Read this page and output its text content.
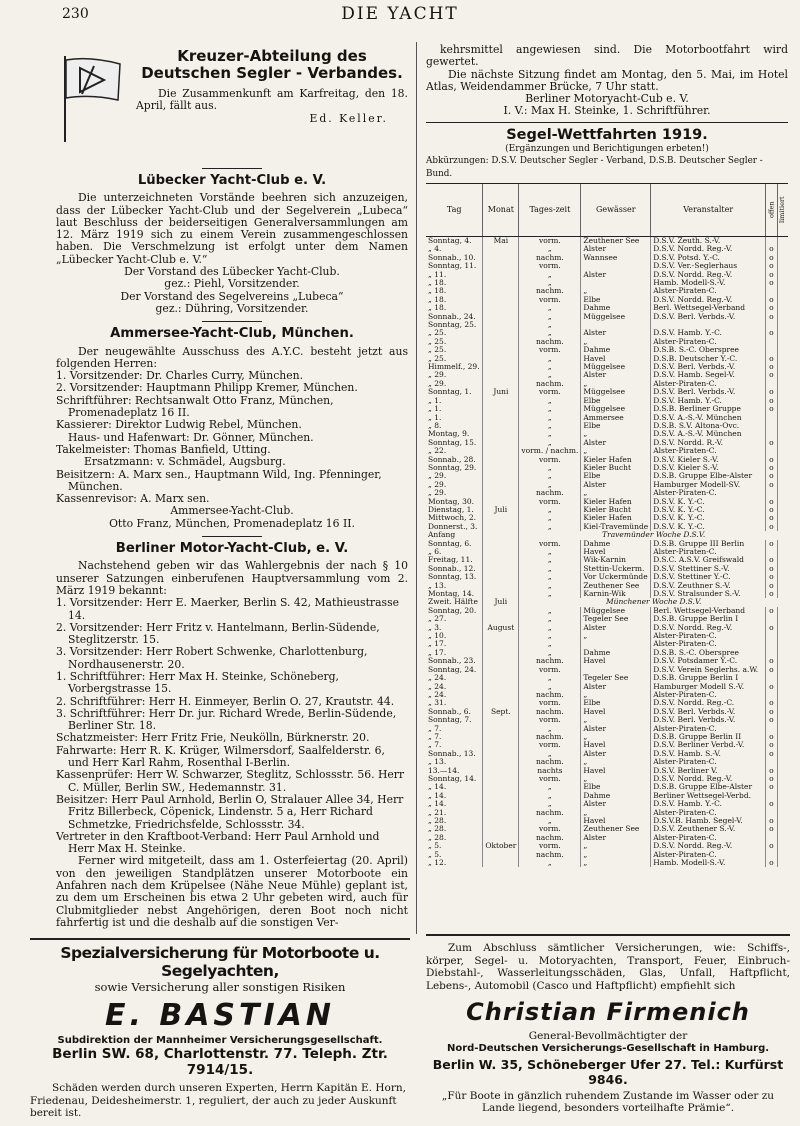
230	DIE YACHT
Kreuzer-Abteilung des
Deutschen Segler - Verbandes.

Die Zusammenkunft am Karfreitag, den 18. April, fällt aus.

Ed. Keller.

Lübecker Yacht-Club e. V.

Die unterzeichneten Vorstände beehren sich anzuzeigen, dass der Lübecker Yacht-Club und der Segelverein „Lubeca“ laut Beschluss der beiderseitigen Generalversammlungen am 12. März 1919 sich zu einem Verein zusammengeschlossen haben. Die Verschmelzung ist erfolgt unter dem Namen „Lübecker Yacht-Club e. V.“

Der Vorstand des Lübecker Yacht-Club.

gez.: Piehl, Vorsitzender.

Der Vorstand des Segelvereins „Lubeca“

gez.: Dühring, Vorsitzender.

Ammersee-Yacht-Club, München.

Der neugewählte Ausschuss des A.Y.C. besteht jetzt aus folgenden Herren:

1. Vorsitzender: Dr. Charles Curry, München.

2. Vorsitzender: Hauptmann Philipp Kremer, München.

Schriftführer: Rechtsanwalt Otto Franz, München, Promenadeplatz 16 II.

Kassierer: Direktor Ludwig Rebel, München.

Haus- und Hafenwart: Dr. Gönner, München.

Takelmeister: Thomas Banfield, Utting.

Ersatzmann: v. Schmädel, Augsburg.

Beisitzern: A. Marx sen., Hauptmann Wild, Ing. Pfenninger, München.

Kassenrevisor: A. Marx sen.

Ammersee-Yacht-Club.

Otto Franz, München, Promenadeplatz 16 II.

Berliner Motor-Yacht-Club, e. V.

Nachstehend geben wir das Wahlergebnis der nach § 10 unserer Satzungen einberufenen Hauptversammlung vom 2. März 1919 bekannt:

1. Vorsitzender: Herr E. Maerker, Berlin S. 42, Mathieustrasse 14.

2. Vorsitzender: Herr Fritz v. Hantelmann, Berlin-Südende, Steglitzerstr. 15.

3. Vorsitzender: Herr Robert Schwenke, Charlottenburg, Nordhausenerstr. 20.

1. Schriftführer: Herr Max H. Steinke, Schöneberg, Vorbergstrasse 15.

2. Schriftführer: Herr H. Einmeyer, Berlin O. 27, Krautstr. 44.

3. Schriftführer: Herr Dr. jur. Richard Wrede, Berlin-Südende, Berliner Str. 18.

Schatzmeister: Herr Fritz Frie, Neukölln, Bürknerstr. 20.

Fahrwarte: Herr R. K. Krüger, Wilmersdorf, Saalfelderstr. 6, und Herr Karl Rahm, Rosenthal I-Berlin.

Kassenprüfer: Herr W. Schwarzer, Steglitz, Schlossstr. 56. Herr C. Müller, Berlin SW., Hedemannstr. 31.

Beisitzer: Herr Paul Arnhold, Berlin O, Stralauer Allee 34, Herr Fritz Billerbeck, Cöpenick, Lindenstr. 5 a, Herr Richard Schmetzke, Friedrichsfelde, Schlossstr. 34.

Vertreter in den Kraftboot-Verband: Herr Paul Arnhold und Herr Max H. Steinke.

Ferner wird mitgeteilt, dass am 1. Osterfeiertag (20. April) von den jeweiligen Standplätzen unserer Motorboote ein Anfahren nach dem Krüpelsee (Nähe Neue Mühle) geplant ist, zu dem um Erscheinen bis etwa 2 Uhr gebeten wird, auch für Clubmitglieder nebst Angehörigen, deren Boot noch nicht fahrfertig ist und die deshalb auf die sonstigen Ver-

kehrsmittel angewiesen sind. Die Motorbootfahrt wird gewertet.

Die nächste Sitzung findet am Montag, den 5. Mai, im Hotel Atlas, Weidendammer Brücke, 7 Uhr statt.

Berliner Motoryacht-Cub e. V.

I. V.: Max H. Steinke, 1. Schriftführer.

Segel-Wettfahrten 1919.
(Ergänzungen und Berichtigungen erbeten!)
Abkürzungen: D.S.V. Deutscher Segler - Verband, D.S.B. Deutscher Segler - Bund.
Tag	Monat	Tages-zeit	Gewässer	Veranstalter	offen	limitiert
Sonntag, 4.	Mai	vorm.	Zeuthener See	D.S.V. Zeuth. S.-V.		
„ 4.		„	Alster	D.S.V. Nordd. Reg.-V.	o	
Sonnab., 10.		nachm.	Wannsee	D.S.V. Potsd. Y.-C.	o	
Sonntag, 11.		vorm.		D.S.V. Ver.-Seglerhaus	o	
„ 11.		„	Alster	D.S.V. Nordd. Reg.-V.	o	
„ 18.		„		Hamb. Modell-S.-V.	o	
„ 18.		nachm.	„	Alster-Piraten-C.		
„ 18.		vorm.	Elbe	D.S.V. Nordd. Reg.-V.	o	
„ 18.		„	Dahme	Berl. Wettsegel-Verband	o	
Sonnab., 24.		„	Müggelsee	D.S.V. Berl. Verbds.-V.	o	
Sonntag, 25.		„				
„ 25.		„	Alster	D.S.V. Hamb. Y.-C.	o	
„ 25.		nachm.	„	Alster-Piraten-C.		
„ 25.		vorm.	Dahme	D.S.B. S.-C. Oberspree		
„ 25.		„	Havel	D.S.B. Deutscher Y.-C.	o	
Himmelf., 29.		„	Müggelsee	D.S.V. Berl. Verbds.-V.	o	
„ 29.		„	Alster	D.S.V. Hamb. Segel-V.	o	
„ 29.		nachm.	„	Alster-Piraten-C.		
Sonntag, 1.	Juni	vorm.	Müggelsee	D.S.V. Berl. Verbds.-V.	o	
„ 1.		„	Elbe	D.S.V. Hamb. Y.-C.	o	
„ 1.		„	Müggelsee	D.S.B. Berliner Gruppe	o	
„ 1.		„	Ammersee	D.S.V. A.-S.-V. München		
„ 8.		„	Elbe	D.S.B. S.V. Altona-Ovc.		
Montag, 9.		„	„	D.S.V. A.-S.-V. München		
Sonntag, 15.		„	Alster	D.S.V. Nordd. R.-V.	o	
„ 22.		vorm. / nachm.	„	Alster-Piraten-C.		
Sonnab., 28.		vorm.	Kieler Hafen	D.S.V. Kieler S.-V.	o	
Sonntag, 29.		„	Kieler Bucht	D.S.V. Kieler S.-V.	o	
„ 29.		„	Elbe	D.S.B. Gruppe Elbe-Alster	o	
„ 29.		„	Alster	Hamburger Modell-SV.	o	
„ 29.		nachm.	„	Alster-Piraten-C.		
Montag, 30.		vorm.	Kieler Hafen	D.S.V. K. Y.-C.	o	
Dienstag, 1.	Juli	„	Kieler Bucht	D.S.V. K. Y.-C.	o	
Mittwoch, 2.		„	Kieler Hafen	D.S.V. K. Y.-C.	o	
Donnerst., 3.		„	Kiel-Travemünde	D.S.V. K. Y.-C.	o	
Anfang		Travemünder Woche D.S.V.				
Sonntag, 6.		vorm.	Dahme	D.S.B. Gruppe III Berlin	o	
„ 6.		„	Havel	Alster-Piraten-C.		
Freitag, 11.		„	Wik-Karnin	D.S.C. A.S.V. Greifswald	o	
Sonnab., 12.		„	Stettin-Ückerm.	D.S.V. Stettiner S.-V.	o	
Sonntag, 13.		„	Vor Ückermünde	D.S.V. Stettiner Y.-C.	o	
„ 13.		„	Zeuthener See	D.S.V. Zeuthner S.-V.	o	
Montag, 14.		„	Karnin-Wik	D.S.V. Stralsunder S.-V.	o	
Zweit. Hälfte	Juli	Münchener Woche D.S.V.				
Sonntag, 20.		„	Müggelsee	Berl. Wettsegel-Verband	o	
„ 27.		„	Tegeler See	D.S.B. Gruppe Berlin I		
„ 3.	August	„	Alster	D.S.V. Nordd. Reg.-V.	o	
„ 10.		„	„	Alster-Piraten-C.		
„ 17.		„		Alster-Piraten-C.		
„ 17.		„	Dahme	D.S.B. S.-C. Oberspree		
Sonnab., 23.		nachm.	Havel	D.S.V. Potsdamer Y.-C.	o	
Sonntag, 24.		vorm.		D.S.V. Verein Seglerhs. a.W.	o	
„ 24.		„	Tegeler See	D.S.B. Gruppe Berlin I		
„ 24.		„	Alster	Hamburger Modell S.-V.	o	
„ 24.		nachm.	„	Alster-Piraten-C.		
„ 31.		vorm.	Elbe	D.S.V. Nordd. Reg.-C.	o	
Sonnab., 6.	Sept.	nachm.	Havel	D.S.V. Berl. Verbds.-V.	o	
Sonntag, 7.		vorm.	„	D.S.V. Berl. Verbds.-V.	o	
„ 7.		„	Alster	Alster-Piraten-C.		
„ 7.		nachm.	„	D.S.B. Gruppe Berlin II	o	
„ 7.		vorm.	Havel	D.S.V. Berliner Verbd.-V.	o	
Sonnab., 13.		„	Alster	D.S.V. Hamb. S.-V.	o	
„ 13.		nachm.	„	Alster-Piraten-C.		
13.—14.		nachts	Havel	D.S.V. Berliner V.	o	
Sonntag, 14.		vorm.	„	D.S.V. Nordd. Reg.-V.	o	
„ 14.		„	Elbe	D.S.B. Gruppe Elbe-Alster	o	
„ 14.		„	Dahme	Berliner Wettsegel-Verbd.		
„ 14.		„	Alster	D.S.V. Hamb. Y.-C.	o	
„ 21.		nachm.	„	Alster-Piraten-C.		
„ 28.		„	Havel	D.S.V.B. Hamb. Segel-V.	o	
„ 28.		vorm.	Zeuthener See	D.S.V. Zeuthener S.-V.	o	
„ 28.		nachm.	Alster	Alster-Piraten-C.		
„ 5.	Oktober	vorm.	„	D.S.V. Nordd. Reg.-V.	o	
„ 5.		nachm.	„	Alster-Piraten-C.		
„ 12.		„	„	Hamb. Modell-S.-V.	o	
Spezialversicherung für Motorboote u. Segelyachten,
sowie Versicherung aller sonstigen Risiken
E. BASTIAN
Subdirektion der Mannheimer Versicherungsgesellschaft.
Berlin SW. 68, Charlottenstr. 77. Teleph. Ztr. 7914/15.
Schäden werden durch unseren Experten, Herrn Kapitän E. Horn, Friedenau, Deidesheimerstr. 1, reguliert, der auch zu jeder Auskunft bereit ist.
Zum Abschluss sämtlicher Versicherungen, wie: Schiffs-, körper, Segel- u. Motoryachten, Transport, Feuer, Einbruch-Diebstahl-, Wasserleitungsschäden, Glas, Unfall, Haftpflicht, Lebens-, Automobil (Casco und Haftpflicht) empfiehlt sich
Christian Firmenich
General-Bevollmächtigter der
Nord-Deutschen Versicherungs-Gesellschaft in Hamburg.
Berlin W. 35, Schöneberger Ufer 27. Tel.: Kurfürst 9846.
„Für Boote in gänzlich ruhendem Zustande im Wasser oder zu Lande liegend, besonders vorteilhafte Prämie“.
